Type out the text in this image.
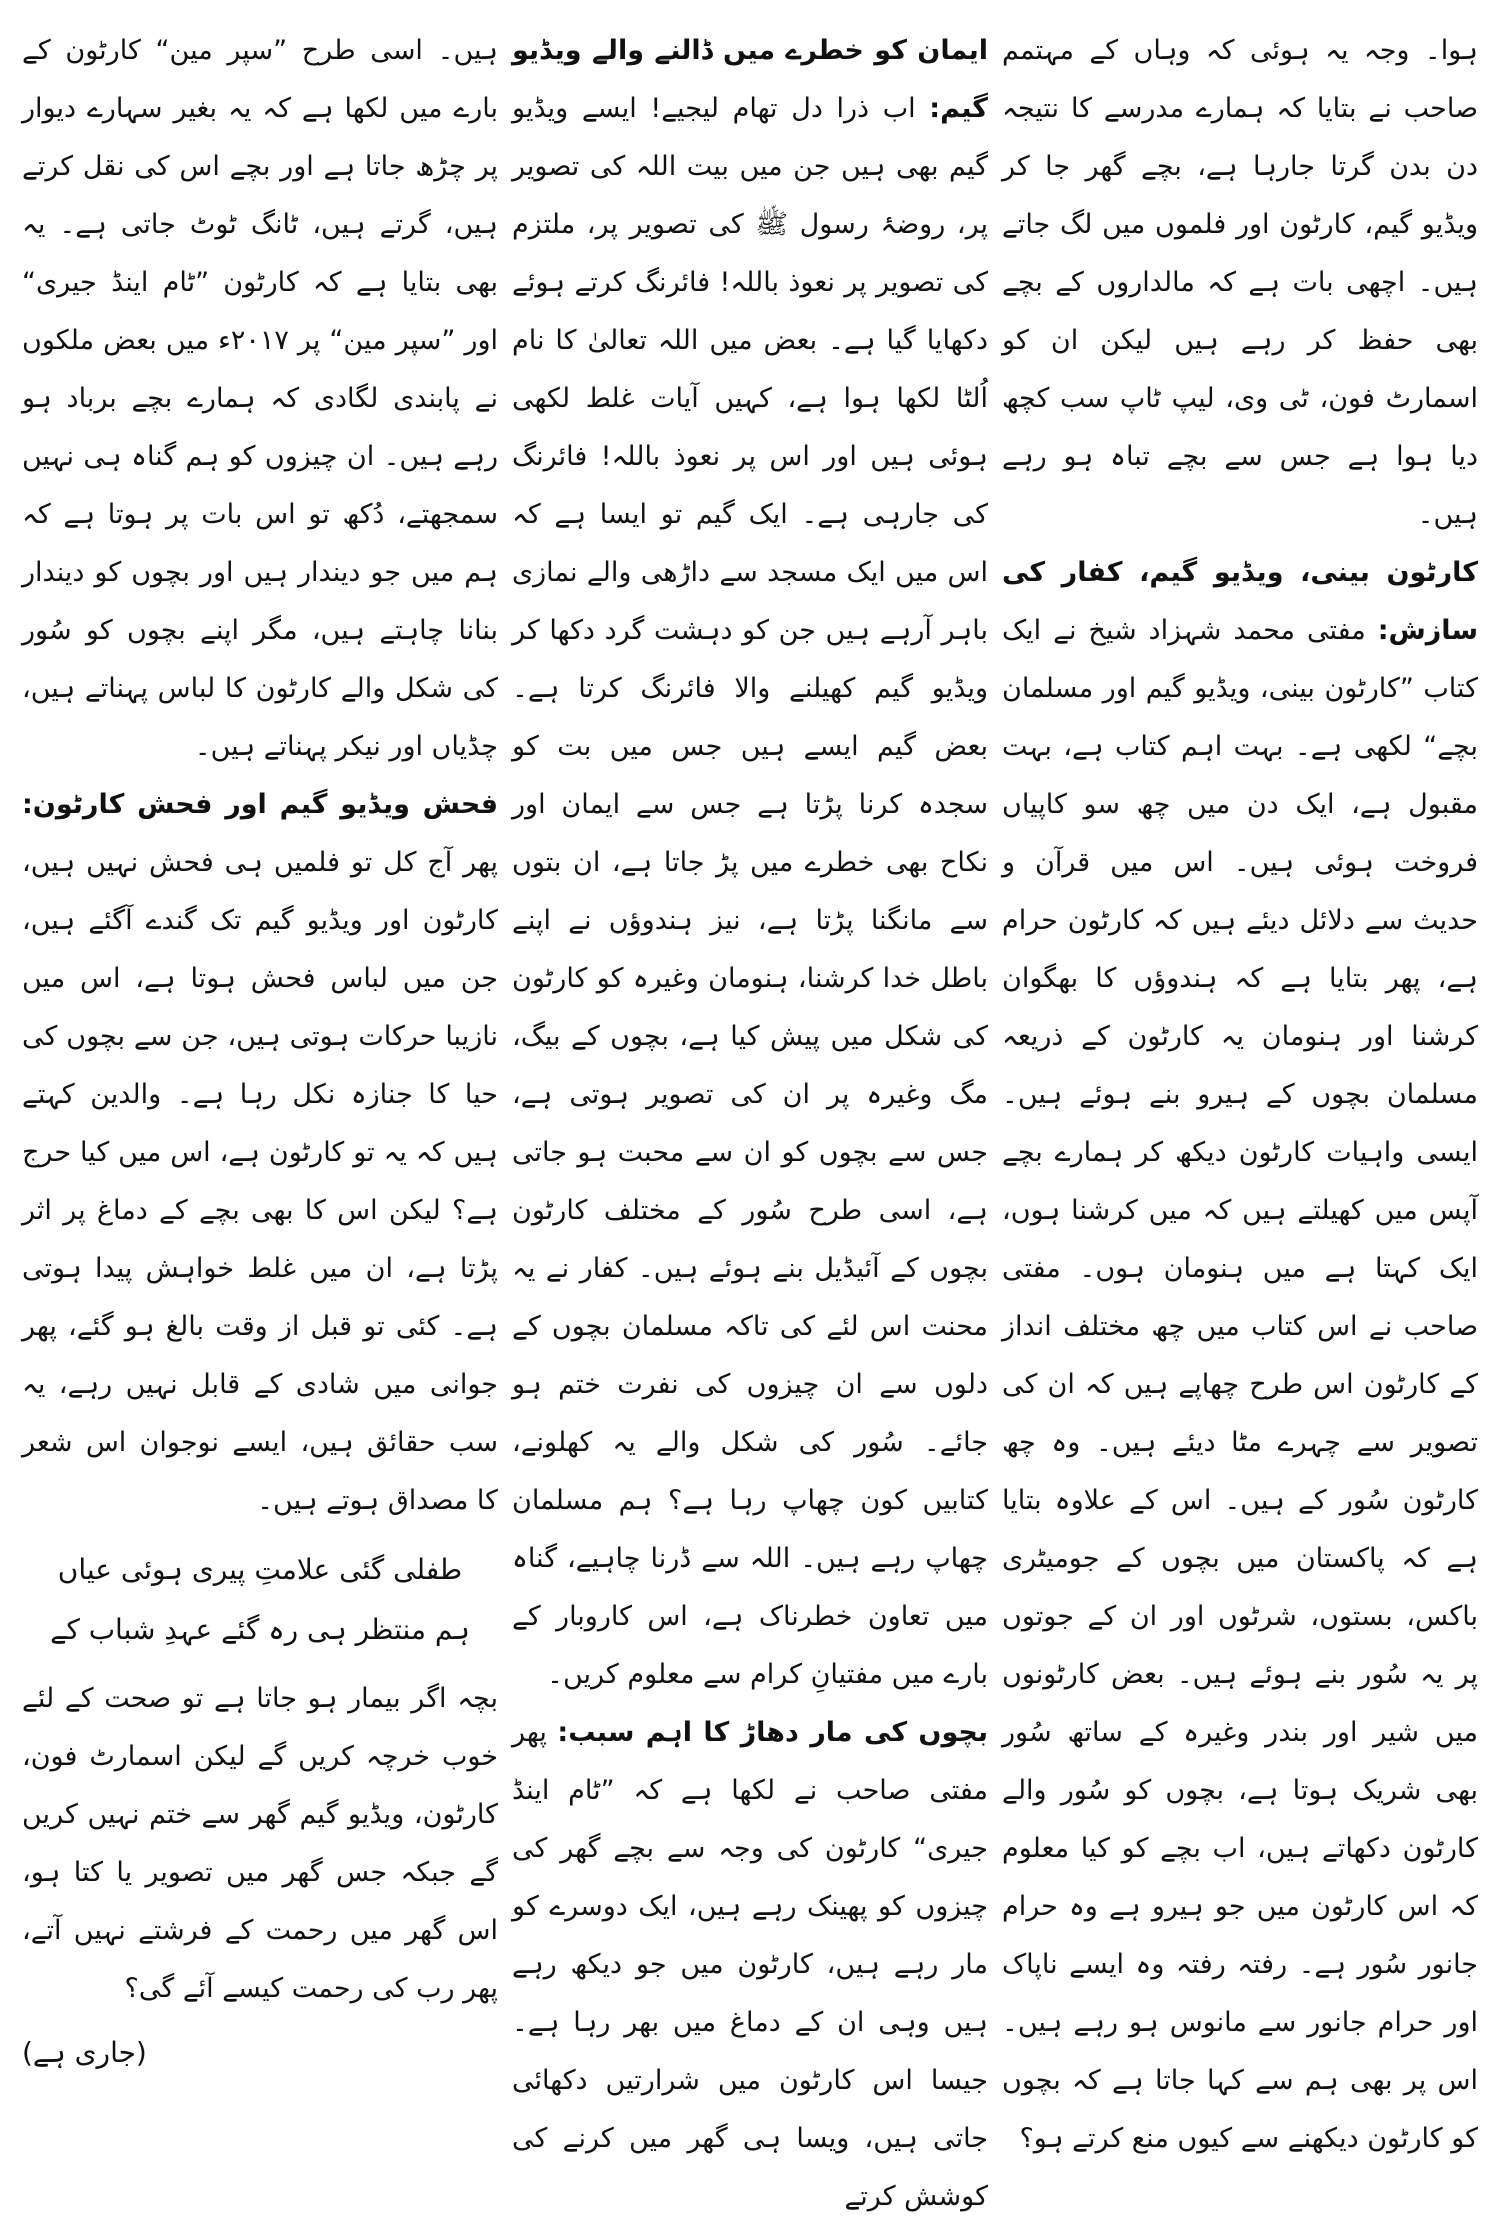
ہوا۔ وجہ یہ ہوئی کہ وہاں کے مہتمم صاحب نے بتایا کہ ہمارے مدرسے کا نتیجہ دن بدن گرتا جارہا ہے، بچے گھر جا کر ویڈیو گیم، کارٹون اور فلموں میں لگ جاتے ہیں۔ اچھی بات ہے کہ مالداروں کے بچے بھی حفظ کر رہے ہیں لیکن ان کو اسمارٹ فون، ٹی وی، لیپ ٹاپ سب کچھ دیا ہوا ہے جس سے بچے تباہ ہو رہے ہیں۔

کارٹون بینی، ویڈیو گیم، کفار کی سازش: مفتی محمد شہزاد شیخ نے ایک کتاب ”کارٹون بینی، ویڈیو گیم اور مسلمان بچے“ لکھی ہے۔ بہت اہم کتاب ہے، بہت مقبول ہے، ایک دن میں چھ سو کاپیاں فروخت ہوئی ہیں۔ اس میں قرآن و حدیث سے دلائل دیئے ہیں کہ کارٹون حرام ہے، پھر بتایا ہے کہ ہندوؤں کا بھگوان کرشنا اور ہنومان یہ کارٹون کے ذریعہ مسلمان بچوں کے ہیرو بنے ہوئے ہیں۔ ایسی واہیات کارٹون دیکھ کر ہمارے بچے آپس میں کھیلتے ہیں کہ میں کرشنا ہوں، ایک کہتا ہے میں ہنومان ہوں۔ مفتی صاحب نے اس کتاب میں چھ مختلف انداز کے کارٹون اس طرح چھاپے ہیں کہ ان کی تصویر سے چہرے مٹا دیئے ہیں۔ وہ چھ کارٹون سُور کے ہیں۔ اس کے علاوہ بتایا ہے کہ پاکستان میں بچوں کے جومیٹری باکس، بستوں، شرٹوں اور ان کے جوتوں پر یہ سُور بنے ہوئے ہیں۔ بعض کارٹونوں میں شیر اور بندر وغیرہ کے ساتھ سُور بھی شریک ہوتا ہے، بچوں کو سُور والے کارٹون دکھاتے ہیں، اب بچے کو کیا معلوم کہ اس کارٹون میں جو ہیرو ہے وہ حرام جانور سُور ہے۔ رفتہ رفتہ وہ ایسے ناپاک اور حرام جانور سے مانوس ہو رہے ہیں۔ اس پر بھی ہم سے کہا جاتا ہے کہ بچوں کو کارٹون دیکھنے سے کیوں منع کرتے ہو؟

ایمان کو خطرے میں ڈالنے والے ویڈیو گیم: اب ذرا دل تھام لیجیے! ایسے ویڈیو گیم بھی ہیں جن میں بیت اللہ کی تصویر پر، روضۂ رسول ﷺ کی تصویر پر، ملتزم کی تصویر پر نعوذ باللہ! فائرنگ کرتے ہوئے دکھایا گیا ہے۔ بعض میں اللہ تعالیٰ کا نام اُلٹا لکھا ہوا ہے، کہیں آیات غلط لکھی ہوئی ہیں اور اس پر نعوذ باللہ! فائرنگ کی جارہی ہے۔ ایک گیم تو ایسا ہے کہ اس میں ایک مسجد سے داڑھی والے نمازی باہر آرہے ہیں جن کو دہشت گرد دکھا کر ویڈیو گیم کھیلنے والا فائرنگ کرتا ہے۔ بعض گیم ایسے ہیں جس میں بت کو سجدہ کرنا پڑتا ہے جس سے ایمان اور نکاح بھی خطرے میں پڑ جاتا ہے، ان بتوں سے مانگنا پڑتا ہے، نیز ہندوؤں نے اپنے باطل خدا کرشنا، ہنومان وغیرہ کو کارٹون کی شکل میں پیش کیا ہے، بچوں کے بیگ، مگ وغیرہ پر ان کی تصویر ہوتی ہے، جس سے بچوں کو ان سے محبت ہو جاتی ہے، اسی طرح سُور کے مختلف کارٹون بچوں کے آئیڈیل بنے ہوئے ہیں۔ کفار نے یہ محنت اس لئے کی تاکہ مسلمان بچوں کے دلوں سے ان چیزوں کی نفرت ختم ہو جائے۔ سُور کی شکل والے یہ کھلونے، کتابیں کون چھاپ رہا ہے؟ ہم مسلمان چھاپ رہے ہیں۔ اللہ سے ڈرنا چاہیے، گناہ میں تعاون خطرناک ہے، اس کاروبار کے بارے میں مفتیانِ کرام سے معلوم کریں۔

بچوں کی مار دھاڑ کا اہم سبب: پھر مفتی صاحب نے لکھا ہے کہ ”ٹام اینڈ جیری“ کارٹون کی وجہ سے بچے گھر کی چیزوں کو پھینک رہے ہیں، ایک دوسرے کو مار رہے ہیں، کارٹون میں جو دیکھ رہے ہیں وہی ان کے دماغ میں بھر رہا ہے۔ جیسا اس کارٹون میں شرارتیں دکھائی جاتی ہیں، ویسا ہی گھر میں کرنے کی کوشش کرتے

ہیں۔ اسی طرح ”سپر مین“ کارٹون کے بارے میں لکھا ہے کہ یہ بغیر سہارے دیوار پر چڑھ جاتا ہے اور بچے اس کی نقل کرتے ہیں، گرتے ہیں، ٹانگ ٹوٹ جاتی ہے۔ یہ بھی بتایا ہے کہ کارٹون ”ٹام اینڈ جیری“ اور ”سپر مین“ پر ۲۰۱۷ء میں بعض ملکوں نے پابندی لگادی کہ ہمارے بچے برباد ہو رہے ہیں۔ ان چیزوں کو ہم گناہ ہی نہیں سمجھتے، دُکھ تو اس بات پر ہوتا ہے کہ ہم میں جو دیندار ہیں اور بچوں کو دیندار بنانا چاہتے ہیں، مگر اپنے بچوں کو سُور کی شکل والے کارٹون کا لباس پہناتے ہیں، چڈیاں اور نیکر پہناتے ہیں۔

فحش ویڈیو گیم اور فحش کارٹون: پھر آج کل تو فلمیں ہی فحش نہیں ہیں، کارٹون اور ویڈیو گیم تک گندے آگئے ہیں، جن میں لباس فحش ہوتا ہے، اس میں نازیبا حرکات ہوتی ہیں، جن سے بچوں کی حیا کا جنازہ نکل رہا ہے۔ والدین کہتے ہیں کہ یہ تو کارٹون ہے، اس میں کیا حرج ہے؟ لیکن اس کا بھی بچے کے دماغ پر اثر پڑتا ہے، ان میں غلط خواہش پیدا ہوتی ہے۔ کئی تو قبل از وقت بالغ ہو گئے، پھر جوانی میں شادی کے قابل نہیں رہے، یہ سب حقائق ہیں، ایسے نوجوان اس شعر کا مصداق ہوتے ہیں۔

طفلی گئی علامتِ پیری ہوئی عیاں
ہم منتظر ہی رہ گئے عہدِ شباب کے

بچہ اگر بیمار ہو جاتا ہے تو صحت کے لئے خوب خرچہ کریں گے لیکن اسمارٹ فون، کارٹون، ویڈیو گیم گھر سے ختم نہیں کریں گے جبکہ جس گھر میں تصویر یا کتا ہو، اس گھر میں رحمت کے فرشتے نہیں آتے، پھر رب کی رحمت کیسے آئے گی؟

(جاری ہے)
